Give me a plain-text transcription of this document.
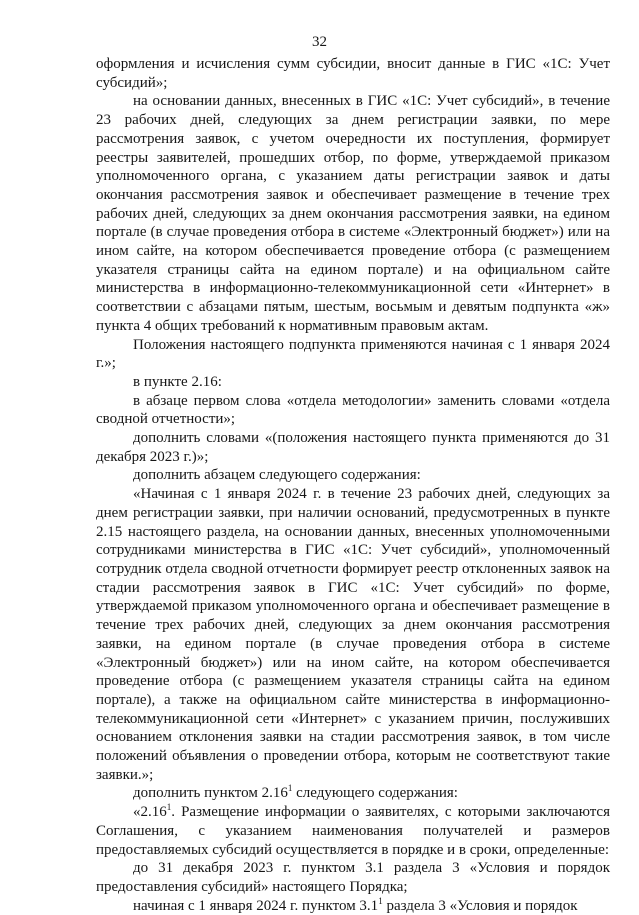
32

оформления и исчисления сумм субсидии, вносит данные в ГИС «1С: Учет субсидий»;

на основании данных, внесенных в ГИС «1С: Учет субсидий», в течение 23 рабочих дней, следующих за днем регистрации заявки, по мере рассмотрения заявок, с учетом очередности их поступления, формирует реестры заявителей, прошедших отбор, по форме, утверждаемой приказом уполномоченного органа, с указанием даты регистрации заявок и даты окончания рассмотрения заявок и обеспечивает размещение в течение трех рабочих дней, следующих за днем окончания рассмотрения заявки, на едином портале (в случае проведения отбора в системе «Электронный бюджет») или на ином сайте, на котором обеспечивается проведение отбора (с размещением указателя страницы сайта на едином портале) и на официальном сайте министерства в информационно-телекоммуникационной сети «Интернет» в соответствии с абзацами пятым, шестым, восьмым и девятым подпункта «ж» пункта 4 общих требований к нормативным правовым актам.

Положения настоящего подпункта применяются начиная с 1 января 2024 г.»;

в пункте 2.16:

в абзаце первом слова «отдела методологии» заменить словами «отдела сводной отчетности»;

дополнить словами «(положения настоящего пункта применяются до 31 декабря 2023 г.)»;

дополнить абзацем следующего содержания:

«Начиная с 1 января 2024 г. в течение 23 рабочих дней, следующих за днем регистрации заявки, при наличии оснований, предусмотренных в пункте 2.15 настоящего раздела, на основании данных, внесенных уполномоченными сотрудниками министерства в ГИС «1С: Учет субсидий», уполномоченный сотрудник отдела сводной отчетности формирует реестр отклоненных заявок на стадии рассмотрения заявок в ГИС «1С: Учет субсидий» по форме, утверждаемой приказом уполномоченного органа и обеспечивает размещение в течение трех рабочих дней, следующих за днем окончания рассмотрения заявки, на едином портале (в случае проведения отбора в системе «Электронный бюджет») или на ином сайте, на котором обеспечивается проведение отбора (с размещением указателя страницы сайта на едином портале), а также на официальном сайте министерства в информационно-телекоммуникационной сети «Интернет» с указанием причин, послуживших основанием отклонения заявки на стадии рассмотрения заявок, в том числе положений объявления о проведении отбора, которым не соответствуют такие заявки.»;

дополнить пунктом 2.16$^1$ следующего содержания:

«2.16$^1$. Размещение информации о заявителях, с которыми заключаются Соглашения, с указанием наименования получателей и размеров предоставляемых субсидий осуществляется в порядке и в сроки, определенные:

до 31 декабря 2023 г. пунктом 3.1 раздела 3 «Условия и порядок предоставления субсидий» настоящего Порядка;

начиная с 1 января 2024 г. пунктом $3.1^1$ раздела 3 «Условия и порядок
